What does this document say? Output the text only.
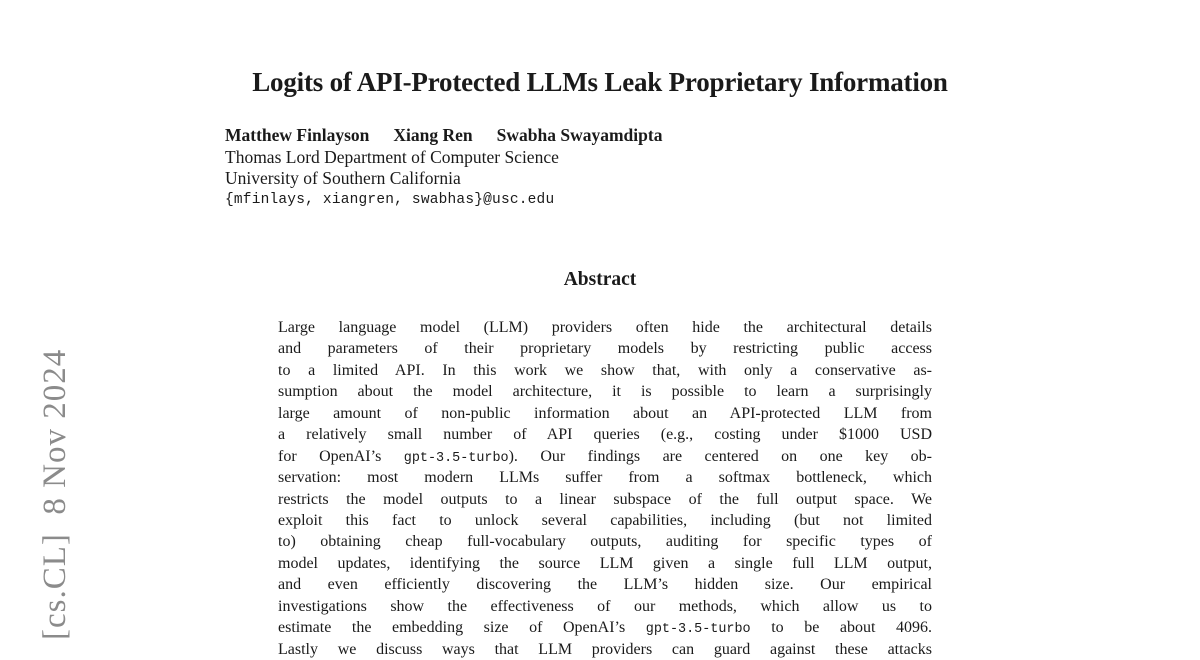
[cs.CL]  8 Nov 2024
Logits of API-Protected LLMs Leak Proprietary Information
Matthew Finlayson Xiang Ren Swabha Swayamdipta
Thomas Lord Department of Computer Science
University of Southern California
{mfinlays, xiangren, swabhas}@usc.edu
Abstract
Large language model (LLM) providers often hide the architectural details
and parameters of their proprietary models by restricting public access
to a limited API. In this work we show that, with only a conservative as-
sumption about the model architecture, it is possible to learn a surprisingly
large amount of non-public information about an API-protected LLM from
a relatively small number of API queries (e.g., costing under $1000 USD
for OpenAI’s gpt-3.5-turbo). Our findings are centered on one key ob-
servation: most modern LLMs suffer from a softmax bottleneck, which
restricts the model outputs to a linear subspace of the full output space. We
exploit this fact to unlock several capabilities, including (but not limited
to) obtaining cheap full-vocabulary outputs, auditing for specific types of
model updates, identifying the source LLM given a single full LLM output,
and even efficiently discovering the LLM’s hidden size. Our empirical
investigations show the effectiveness of our methods, which allow us to
estimate the embedding size of OpenAI’s gpt-3.5-turbo to be about 4096.
Lastly we discuss ways that LLM providers can guard against these attacks
